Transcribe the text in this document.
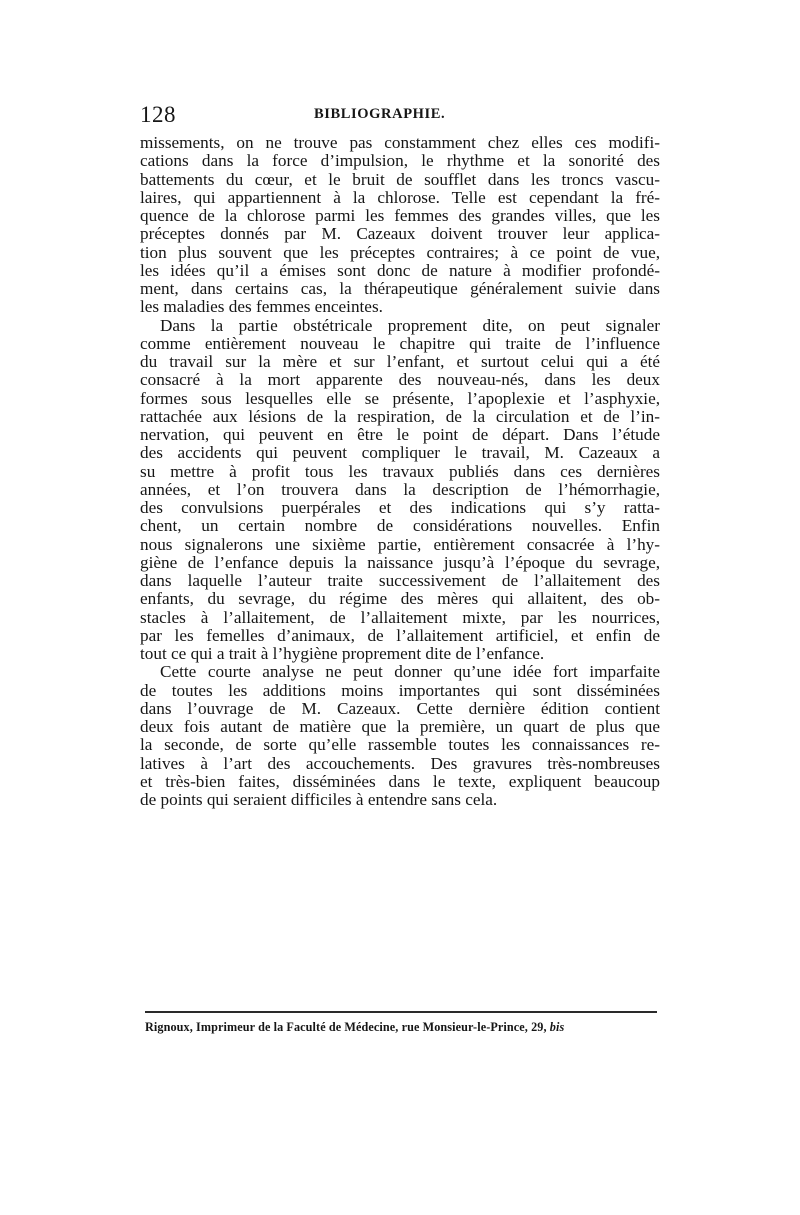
128	BIBLIOGRAPHIE.
missements, on ne trouve pas constamment chez elles ces modifi-
cations dans la force d’impulsion, le rhythme et la sonorité des
battements du cœur, et le bruit de soufflet dans les troncs vascu-
laires, qui appartiennent à la chlorose. Telle est cependant la fré-
quence de la chlorose parmi les femmes des grandes villes, que les
préceptes donnés par M. Cazeaux doivent trouver leur applica-
tion plus souvent que les préceptes contraires; à ce point de vue,
les idées qu’il a émises sont donc de nature à modifier profondé-
ment, dans certains cas, la thérapeutique généralement suivie dans
les maladies des femmes enceintes.
Dans la partie obstétricale proprement dite, on peut signaler
comme entièrement nouveau le chapitre qui traite de l’influence
du travail sur la mère et sur l’enfant, et surtout celui qui a été
consacré à la mort apparente des nouveau-nés, dans les deux
formes sous lesquelles elle se présente, l’apoplexie et l’asphyxie,
rattachée aux lésions de la respiration, de la circulation et de l’in-
nervation, qui peuvent en être le point de départ. Dans l’étude
des accidents qui peuvent compliquer le travail, M. Cazeaux a
su mettre à profit tous les travaux publiés dans ces dernières
années, et l’on trouvera dans la description de l’hémorrhagie,
des convulsions puerpérales et des indications qui s’y ratta-
chent, un certain nombre de considérations nouvelles. Enfin
nous signalerons une sixième partie, entièrement consacrée à l’hy-
giène de l’enfance depuis la naissance jusqu’à l’époque du sevrage,
dans laquelle l’auteur traite successivement de l’allaitement des
enfants, du sevrage, du régime des mères qui allaitent, des ob-
stacles à l’allaitement, de l’allaitement mixte, par les nourrices,
par les femelles d’animaux, de l’allaitement artificiel, et enfin de
tout ce qui a trait à l’hygiène proprement dite de l’enfance.
Cette courte analyse ne peut donner qu’une idée fort imparfaite
de toutes les additions moins importantes qui sont disséminées
dans l’ouvrage de M. Cazeaux. Cette dernière édition contient
deux fois autant de matière que la première, un quart de plus que
la seconde, de sorte qu’elle rassemble toutes les connaissances re-
latives à l’art des accouchements. Des gravures très-nombreuses
et très-bien faites, disséminées dans le texte, expliquent beaucoup
de points qui seraient difficiles à entendre sans cela.
Rignoux, Imprimeur de la Faculté de Médecine, rue Monsieur-le-Prince, 29, bis
